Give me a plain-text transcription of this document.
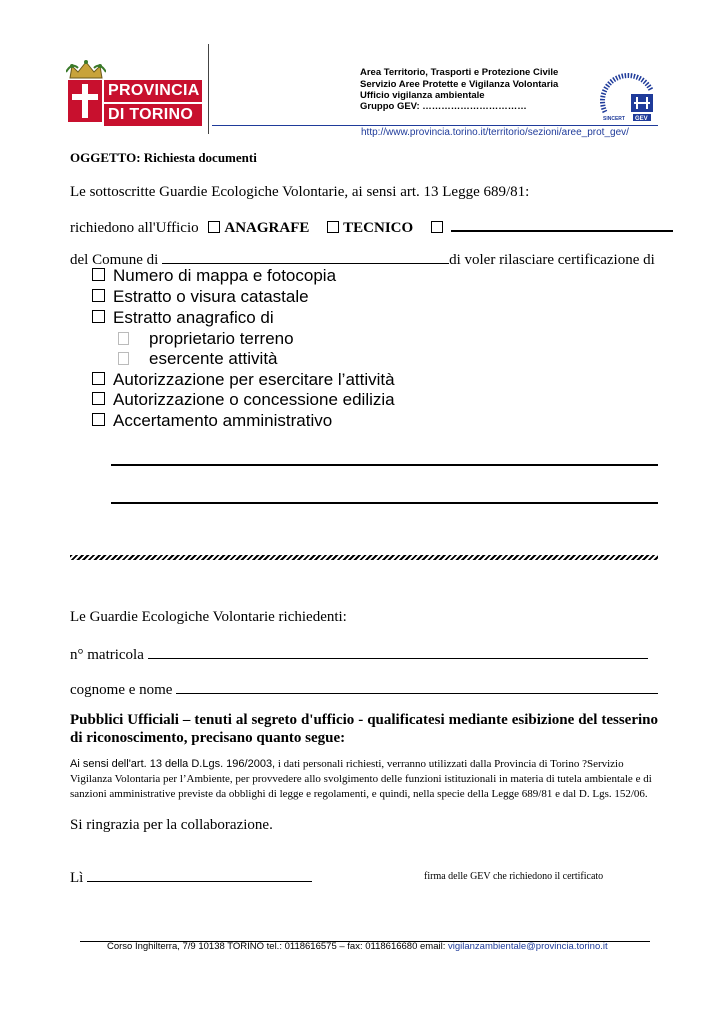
PROVINCIA
DI TORINO
Area Territorio, Trasporti e Protezione Civile
Servizio Aree Protette e Vigilanza Volontaria
Ufficio vigilanza ambientale
Gruppo GEV: ……………………………
SINCERT GEV
http://www.provincia.torino.it/territorio/sezioni/aree_prot_gev/
OGGETTO: Richiesta documenti
Le sottoscritte Guardie Ecologiche Volontarie, ai sensi art. 13 Legge 689/81:
richiedono all'Ufficio ANAGRAFE TECNICO
del Comune di	di voler rilasciare certificazione di
Numero di mappa e fotocopia
Estratto o visura catastale
Estratto anagrafico di
proprietario terreno
esercente attività
Autorizzazione per esercitare l’attività
Autorizzazione o concessione edilizia
Accertamento amministrativo
Le Guardie Ecologiche Volontarie richiedenti:
n° matricola
cognome e nome
Pubblici Ufficiali – tenuti al segreto d'ufficio - qualificatesi mediante esibizione del tesserino di riconoscimento, precisano quanto segue:
Ai sensi dell'art. 13 della D.Lgs. 196/2003, i dati personali richiesti, verranno utilizzati dalla Provincia di Torino ?Servizio
Vigilanza Volontaria per l’Ambiente, per provvedere allo svolgimento delle funzioni istituzionali in materia di tutela ambientale e di
sanzioni amministrative previste da obblighi di legge e regolamenti, e quindi, nella specie della Legge 689/81 e dal D. Lgs. 152/06.
Si ringrazia per la collaborazione.
Lì	firma delle GEV che richiedono il certificato
Corso Inghilterra, 7/9 10138 TORINO tel.: 0118616575 – fax: 0118616680 email: vigilanzambientale@provincia.torino.it
